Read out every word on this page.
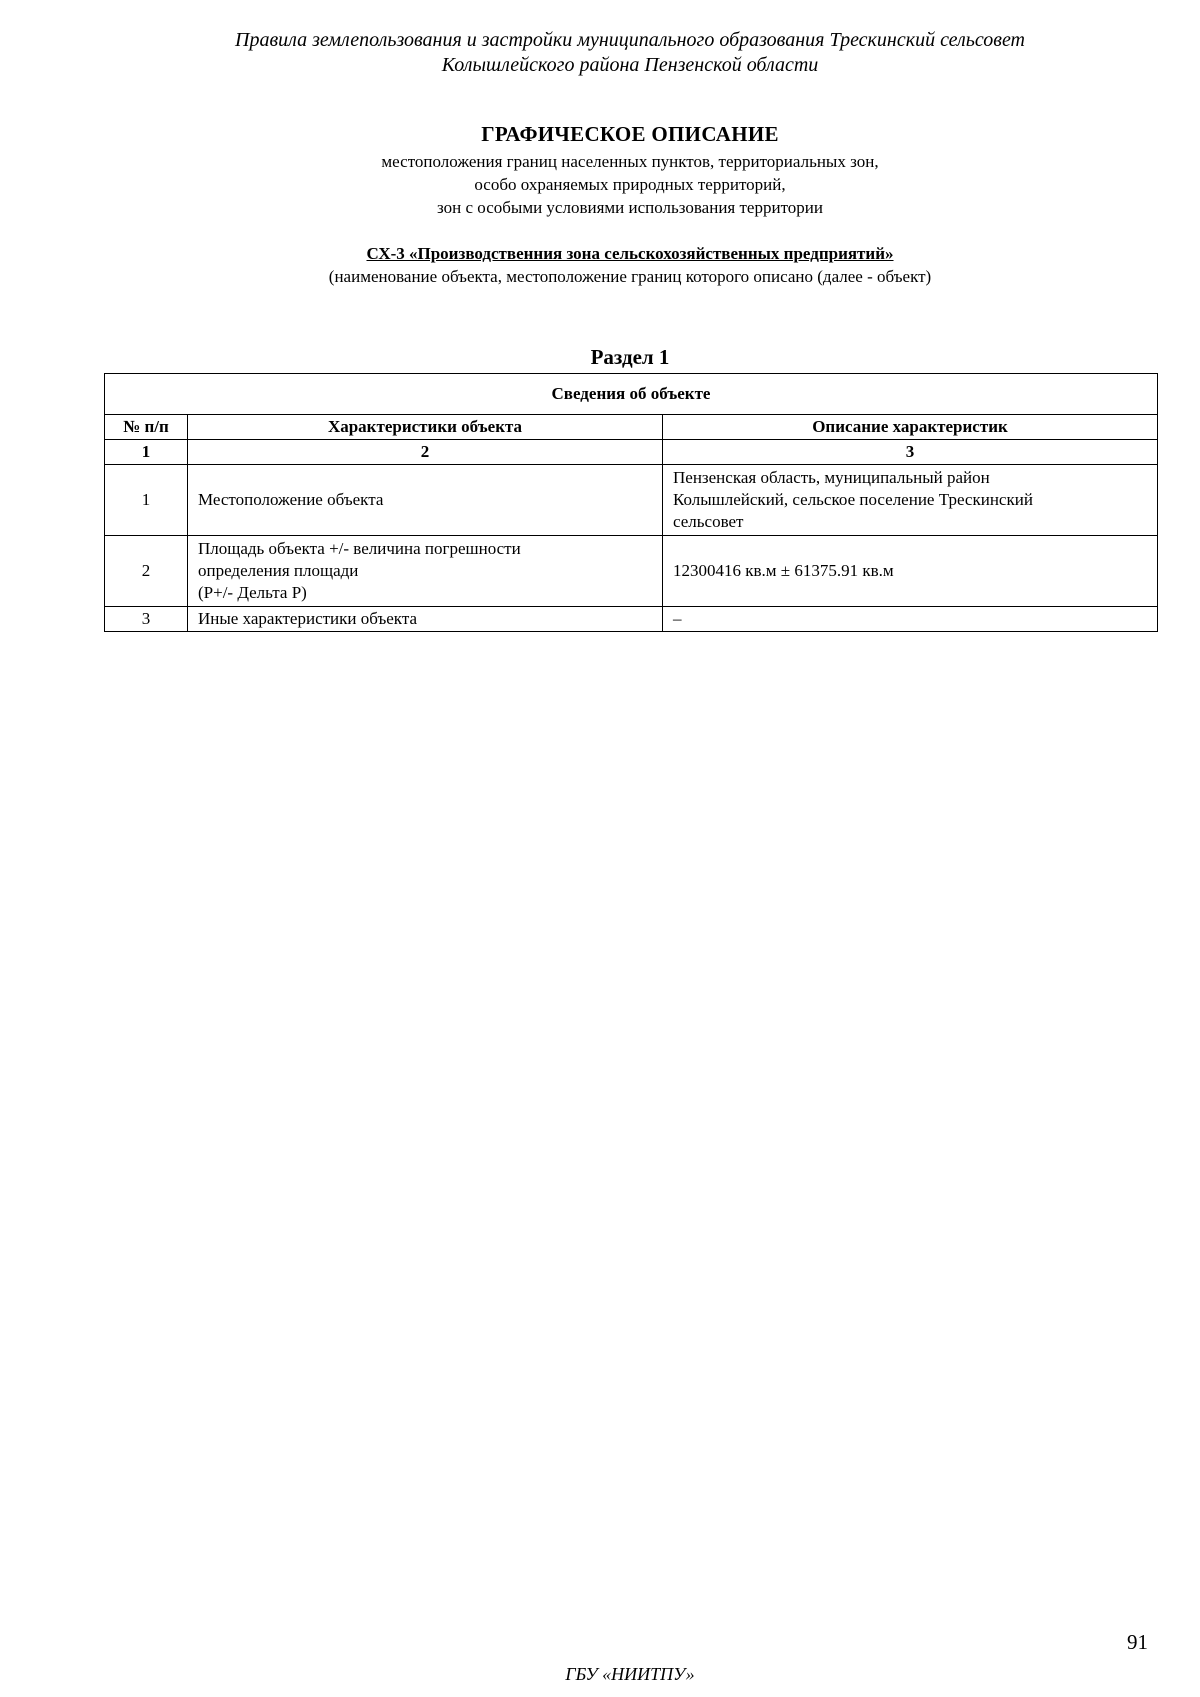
Правила землепользования и застройки муниципального образования Трескинский сельсовет
Колышлейского района Пензенской области
ГРАФИЧЕСКОЕ ОПИСАНИЕ
местоположения границ населенных пунктов, территориальных зон,
особо охраняемых природных территорий,
зон с особыми условиями использования территории
СХ-3 «Производственния зона сельскохозяйственных предприятий»
(наименование объекта, местоположение границ которого описано (далее - объект)
Раздел 1
Сведения об объекте		
№ п/п	Характеристики объекта	Описание характеристик
1	2	3
1	Местоположение объекта	Пензенская область, муниципальный район
Колышлейский, сельское поселение Трескинский
сельсовет

2	Площадь объекта +/- величина погрешности
определения площади
(Р+/- Дельта Р)	12300416 кв.м ± 61375.91 кв.м

3	Иные характеристики объекта	–
91
ГБУ «НИИТПУ»
